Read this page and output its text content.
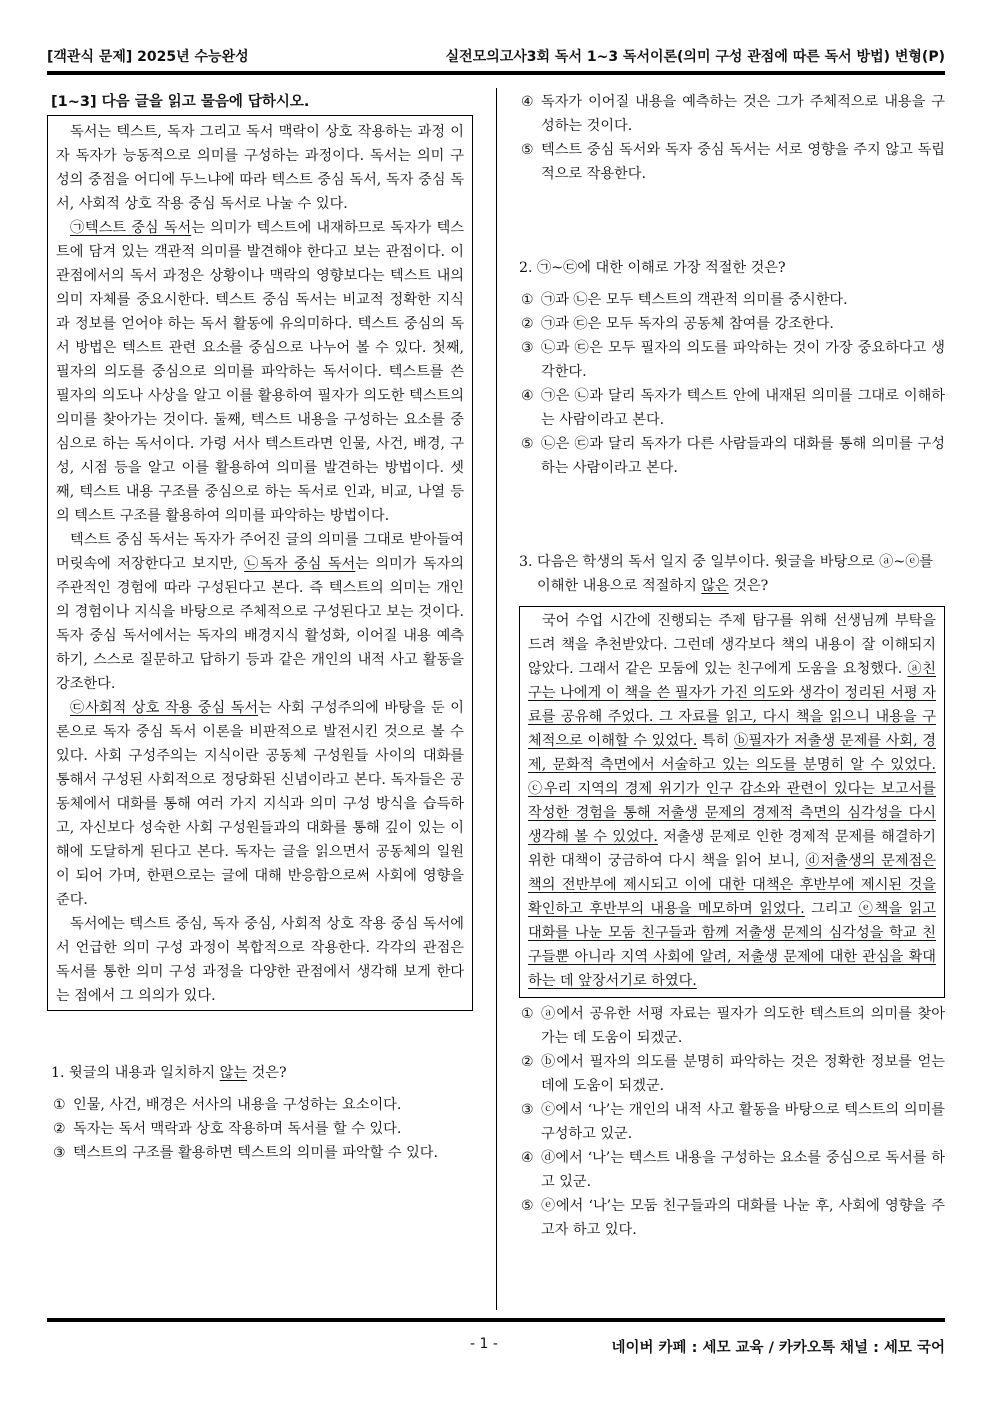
[객관식 문제] 2025년 수능완성	실전모의고사3회 독서 1~3 독서이론(의미 구성 관점에 따른 독서 방법) 변형(P)
[1~3] 다음 글을 읽고 물음에 답하시오.

독서는 텍스트, 독자 그리고 독서 맥락이 상호 작용하는 과정 이자 독자가 능동적으로 의미를 구성하는 과정이다. 독서는 의미 구성의 중점을 어디에 두느냐에 따라 텍스트 중심 독서, 독자 중심 독서, 사회적 상호 작용 중심 독서로 나눌 수 있다.

㉠텍스트 중심 독서는 의미가 텍스트에 내재하므로 독자가 텍스트에 담겨 있는 객관적 의미를 발견해야 한다고 보는 관점이다. 이 관점에서의 독서 과정은 상황이나 맥락의 영향보다는 텍스트 내의 의미 자체를 중요시한다. 텍스트 중심 독서는 비교적 정확한 지식과 정보를 얻어야 하는 독서 활동에 유의미하다. 텍스트 중심의 독서 방법은 텍스트 관련 요소를 중심으로 나누어 볼 수 있다. 첫째, 필자의 의도를 중심으로 의미를 파악하는 독서이다. 텍스트를 쓴 필자의 의도나 사상을 알고 이를 활용하여 필자가 의도한 텍스트의 의미를 찾아가는 것이다. 둘째, 텍스트 내용을 구성하는 요소를 중심으로 하는 독서이다. 가령 서사 텍스트라면 인물, 사건, 배경, 구성, 시점 등을 알고 이를 활용하여 의미를 발견하는 방법이다. 셋째, 텍스트 내용 구조를 중심으로 하는 독서로 인과, 비교, 나열 등의 텍스트 구조를 활용하여 의미를 파악하는 방법이다.

텍스트 중심 독서는 독자가 주어진 글의 의미를 그대로 받아들여 머릿속에 저장한다고 보지만, ㉡독자 중심 독서는 의미가 독자의 주관적인 경험에 따라 구성된다고 본다. 즉 텍스트의 의미는 개인의 경험이나 지식을 바탕으로 주체적으로 구성된다고 보는 것이다. 독자 중심 독서에서는 독자의 배경지식 활성화, 이어질 내용 예측하기, 스스로 질문하고 답하기 등과 같은 개인의 내적 사고 활동을 강조한다.

㉢사회적 상호 작용 중심 독서는 사회 구성주의에 바탕을 둔 이론으로 독자 중심 독서 이론을 비판적으로 발전시킨 것으로 볼 수 있다. 사회 구성주의는 지식이란 공동체 구성원들 사이의 대화를 통해서 구성된 사회적으로 정당화된 신념이라고 본다. 독자들은 공동체에서 대화를 통해 여러 가지 지식과 의미 구성 방식을 습득하고, 자신보다 성숙한 사회 구성원들과의 대화를 통해 깊이 있는 이해에 도달하게 된다고 본다. 독자는 글을 읽으면서 공동체의 일원이 되어 가며, 한편으로는 글에 대해 반응함으로써 사회에 영향을 준다.

독서에는 텍스트 중심, 독자 중심, 사회적 상호 작용 중심 독서에서 언급한 의미 구성 과정이 복합적으로 작용한다. 각각의 관점은 독서를 통한 의미 구성 과정을 다양한 관점에서 생각해 보게 한다는 점에서 그 의의가 있다.

1. 윗글의 내용과 일치하지 않는 것은?
① 인물, 사건, 배경은 서사의 내용을 구성하는 요소이다.
② 독자는 독서 맥락과 상호 작용하며 독서를 할 수 있다.
③ 텍스트의 구조를 활용하면 텍스트의 의미를 파악할 수 있다.
④ 독자가 이어질 내용을 예측하는 것은 그가 주체적으로 내용을 구성하는 것이다.
⑤ 텍스트 중심 독서와 독자 중심 독서는 서로 영향을 주지 않고 독립적으로 작용한다.
2. ㉠~㉢에 대한 이해로 가장 적절한 것은?
① ㉠과 ㉡은 모두 텍스트의 객관적 의미를 중시한다.
② ㉠과 ㉢은 모두 독자의 공동체 참여를 강조한다.
③ ㉡과 ㉢은 모두 필자의 의도를 파악하는 것이 가장 중요하다고 생각한다.
④ ㉠은 ㉡과 달리 독자가 텍스트 안에 내재된 의미를 그대로 이해하는 사람이라고 본다.
⑤ ㉡은 ㉢과 달리 독자가 다른 사람들과의 대화를 통해 의미를 구성하는 사람이라고 본다.
3. 다음은 학생의 독서 일지 중 일부이다. 윗글을 바탕으로 ⓐ~ⓔ를 이해한 내용으로 적절하지 않은 것은?

국어 수업 시간에 진행되는 주제 탐구를 위해 선생님께 부탁을 드려 책을 추천받았다. 그런데 생각보다 책의 내용이 잘 이해되지 않았다. 그래서 같은 모둠에 있는 친구에게 도움을 요청했다. ⓐ친구는 나에게 이 책을 쓴 필자가 가진 의도와 생각이 정리된 서평 자료를 공유해 주었다. 그 자료를 읽고, 다시 책을 읽으니 내용을 구체적으로 이해할 수 있었다. 특히 ⓑ필자가 저출생 문제를 사회, 경제, 문화적 측면에서 서술하고 있는 의도를 분명히 알 수 있었다. ⓒ우리 지역의 경제 위기가 인구 감소와 관련이 있다는 보고서를 작성한 경험을 통해 저출생 문제의 경제적 측면의 심각성을 다시 생각해 볼 수 있었다. 저출생 문제로 인한 경제적 문제를 해결하기 위한 대책이 궁금하여 다시 책을 읽어 보니, ⓓ저출생의 문제점은 책의 전반부에 제시되고 이에 대한 대책은 후반부에 제시된 것을 확인하고 후반부의 내용을 메모하며 읽었다. 그리고 ⓔ책을 읽고 대화를 나눈 모둠 친구들과 함께 저출생 문제의 심각성을 학교 친구들뿐 아니라 지역 사회에 알려, 저출생 문제에 대한 관심을 확대하는 데 앞장서기로 하였다.

① ⓐ에서 공유한 서평 자료는 필자가 의도한 텍스트의 의미를 찾아가는 데 도움이 되겠군.
② ⓑ에서 필자의 의도를 분명히 파악하는 것은 정확한 정보를 얻는 데에 도움이 되겠군.
③ ⓒ에서 ‘나’는 개인의 내적 사고 활동을 바탕으로 텍스트의 의미를 구성하고 있군.
④ ⓓ에서 ‘나’는 텍스트 내용을 구성하는 요소를 중심으로 독서를 하고 있군.
⑤ ⓔ에서 ‘나’는 모둠 친구들과의 대화를 나눈 후, 사회에 영향을 주고자 하고 있다.
- 1 -	네이버 카페 : 세모 교육 / 카카오톡 채널 : 세모 국어
